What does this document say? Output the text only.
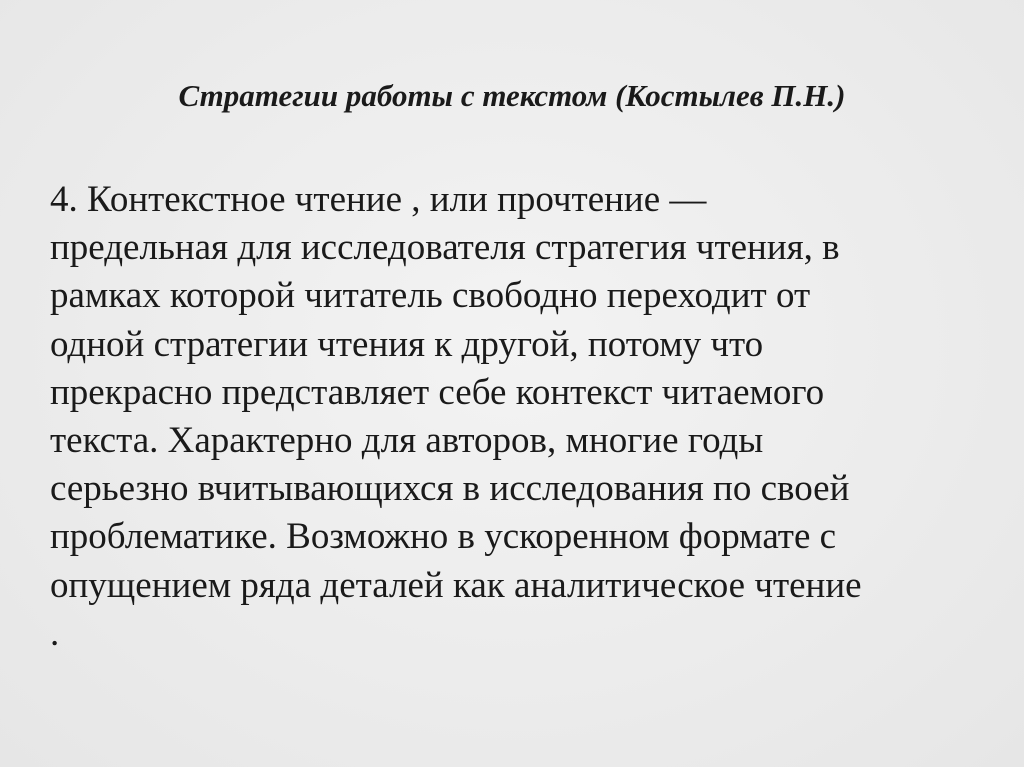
Стратегии работы с текстом (Костылев П.Н.)

4. Контекстное чтение , или прочтение —
предельная для исследователя стратегия чтения, в
рамках которой читатель свободно переходит от
одной стратегии чтения к другой, потому что
прекрасно представляет себе контекст читаемого
текста. Характерно для авторов, многие годы
серьезно вчитывающихся в исследования по своей
проблематике. Возможно в ускоренном формате с
опущением ряда деталей как аналитическое чтение
.
